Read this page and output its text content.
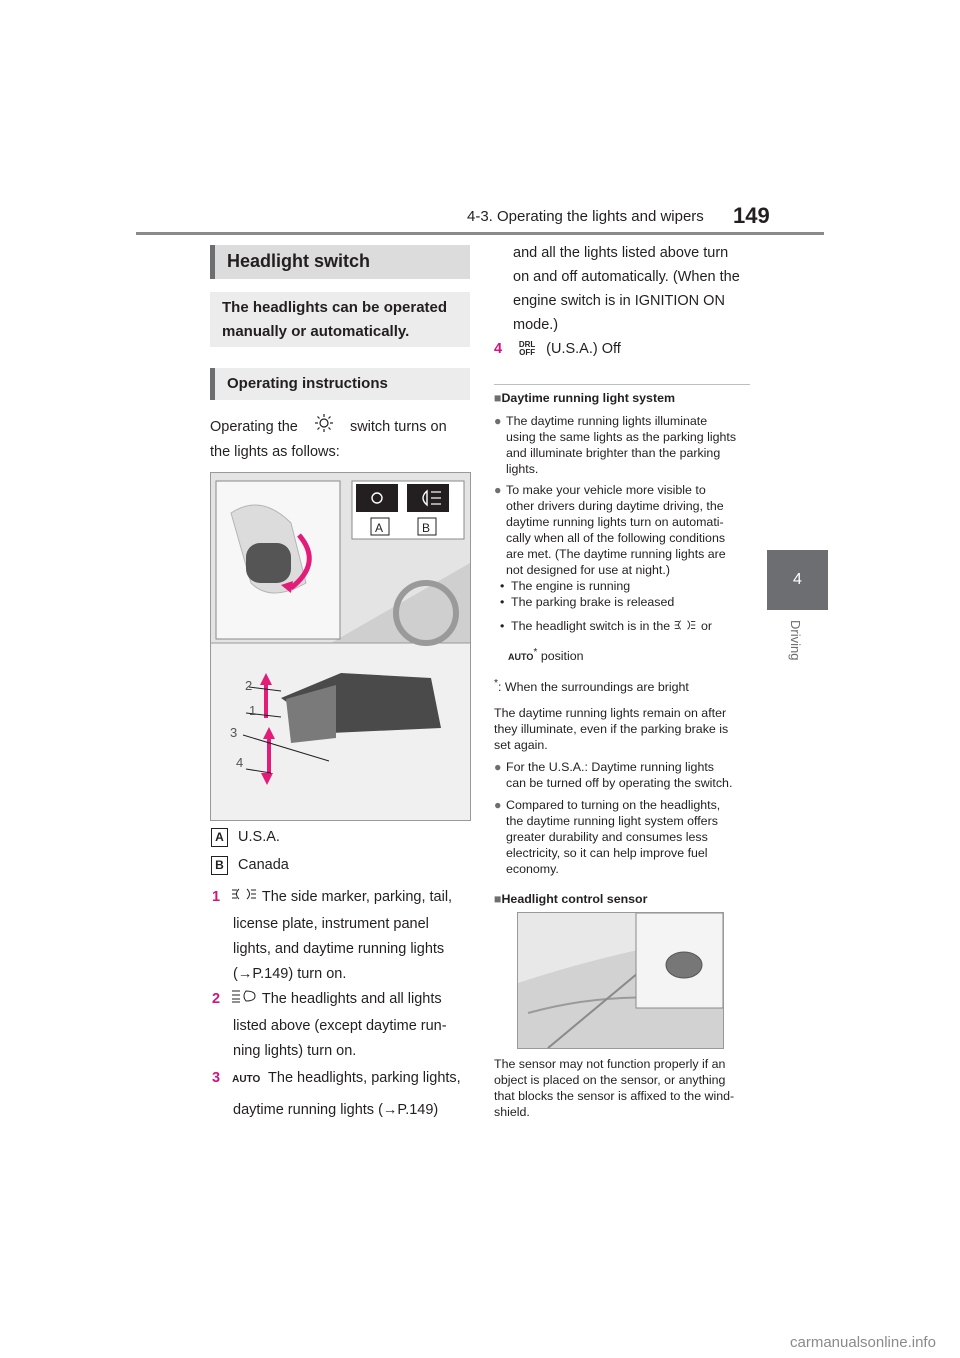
4-3. Operating the lights and wipers 149
4
Driving
Headlight switch
The headlights can be operated manually or automatically.
Operating instructions
Operating the	switch turns on the lights as follows:
A	B
2
1
3
4
A U.S.A.
B Canada
1	The side marker, parking, tail,
license plate, instrument panel
lights, and daytime running lights
(→P.149) turn on.
2	The headlights and all lights
listed above (except daytime run-
ning lights) turn on.
3 AUTO The headlights, parking lights,
daytime running lights (→P.149)
and all the lights listed above turn
on and off automatically. (When the
engine switch is in IGNITION ON
mode.)
4	DRL
OFF (U.S.A.) Off
■Daytime running light system
● The daytime running lights illuminate
using the same lights as the parking lights
and illuminate brighter than the parking
lights.
● To make your vehicle more visible to
other drivers during daytime driving, the
daytime running lights turn on automati-
cally when all of the following conditions
are met. (The daytime running lights are
not designed for use at night.)
•  The engine is running
•  The parking brake is released
•  The headlight switch is in the or
AUTO* position
*: When the surroundings are bright
The daytime running lights remain on after
they illuminate, even if the parking brake is
set again.
● For the U.S.A.: Daytime running lights
can be turned off by operating the switch.
● Compared to turning on the headlights,
the daytime running light system offers
greater durability and consumes less
electricity, so it can help improve fuel
economy.
■Headlight control sensor
The sensor may not function properly if an
object is placed on the sensor, or anything
that blocks the sensor is affixed to the wind-
shield.
carmanualsonline.info
